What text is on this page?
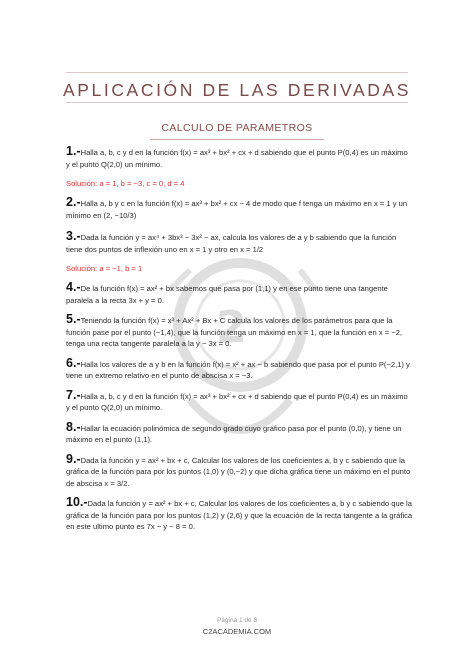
APLICACIÓN DE LAS DERIVADAS
CALCULO DE PARAMETROS
2
1.-Halla a, b, c y d en la función f(x) = ax³ + bx² + cx + d sabiendo que el punto P(0,4) es un máximo y el punto Q(2,0) un mínimo.
Solución: a = 1, b = −3, c = 0, d = 4
2.-Halla a, b y c en la función f(x) = ax³ + bx² + cx − 4 de modo que f tenga un máximo en x = 1 y un mínimo en (2, −10/3)
3.-Dada la función y = ax⁴ + 3bx³ − 3x² − ax, calcula los valores de a y b sabiendo que la función tiene dos puntos de inflexión uno en x = 1 y otro en x = 1/2
Solución: a = −1, b = 1
4.-De la función f(x) = ax² + bx sabemos que pasa por (1,1) y en ese punto tiene una tangente paralela a la recta 3x + y = 0.
5.-Teniendo la función f(x) = x³ + Ax² + Bx + C calcula los valores de los parámetros para que la función pase por el punto (−1,4), que la función tenga un máximo en x = 1, que la función en x = −2, tenga una recta tangente paralela a la y − 3x = 0.
6.-Halla los valores de a y b en la función f(x) = x² + ax − b sabiendo que pasa por el punto P(−2,1) y tiene un extremo relativo en el punto de abscisa x = −3.
7.-Halla a, b, c y d en la función f(x) = ax³ + bx² + cx + d sabiendo que el punto P(0,4) es un máximo y el punto Q(2,0) un mínimo.
8.-Hallar la ecuación polinómica de segundo grado cuyo gráfico pasa por el punto (0,0), y tiene un máximo en el punto (1,1).
9.-Dada la función y = ax² + bx + c, Calcular los valores de los coeficientes a, b y c sabiendo que la gráfica de la función para por los puntos (1,0) y (0,−2) y que dicha gráfica tiene un máximo en el punto de abscisa x = 3/2.
10.-Dada la función y = ax² + bx + c, Calcular los valores de los coeficientes a, b y c sabiendo que la gráfica de la función para por los puntos (1,2) y (2,6) y que la ecuación de la recta tangente a la gráfica en este ultimo punto es 7x − y − 8 = 0.
Página 1 de 8
C2ACADEMIA.COM
